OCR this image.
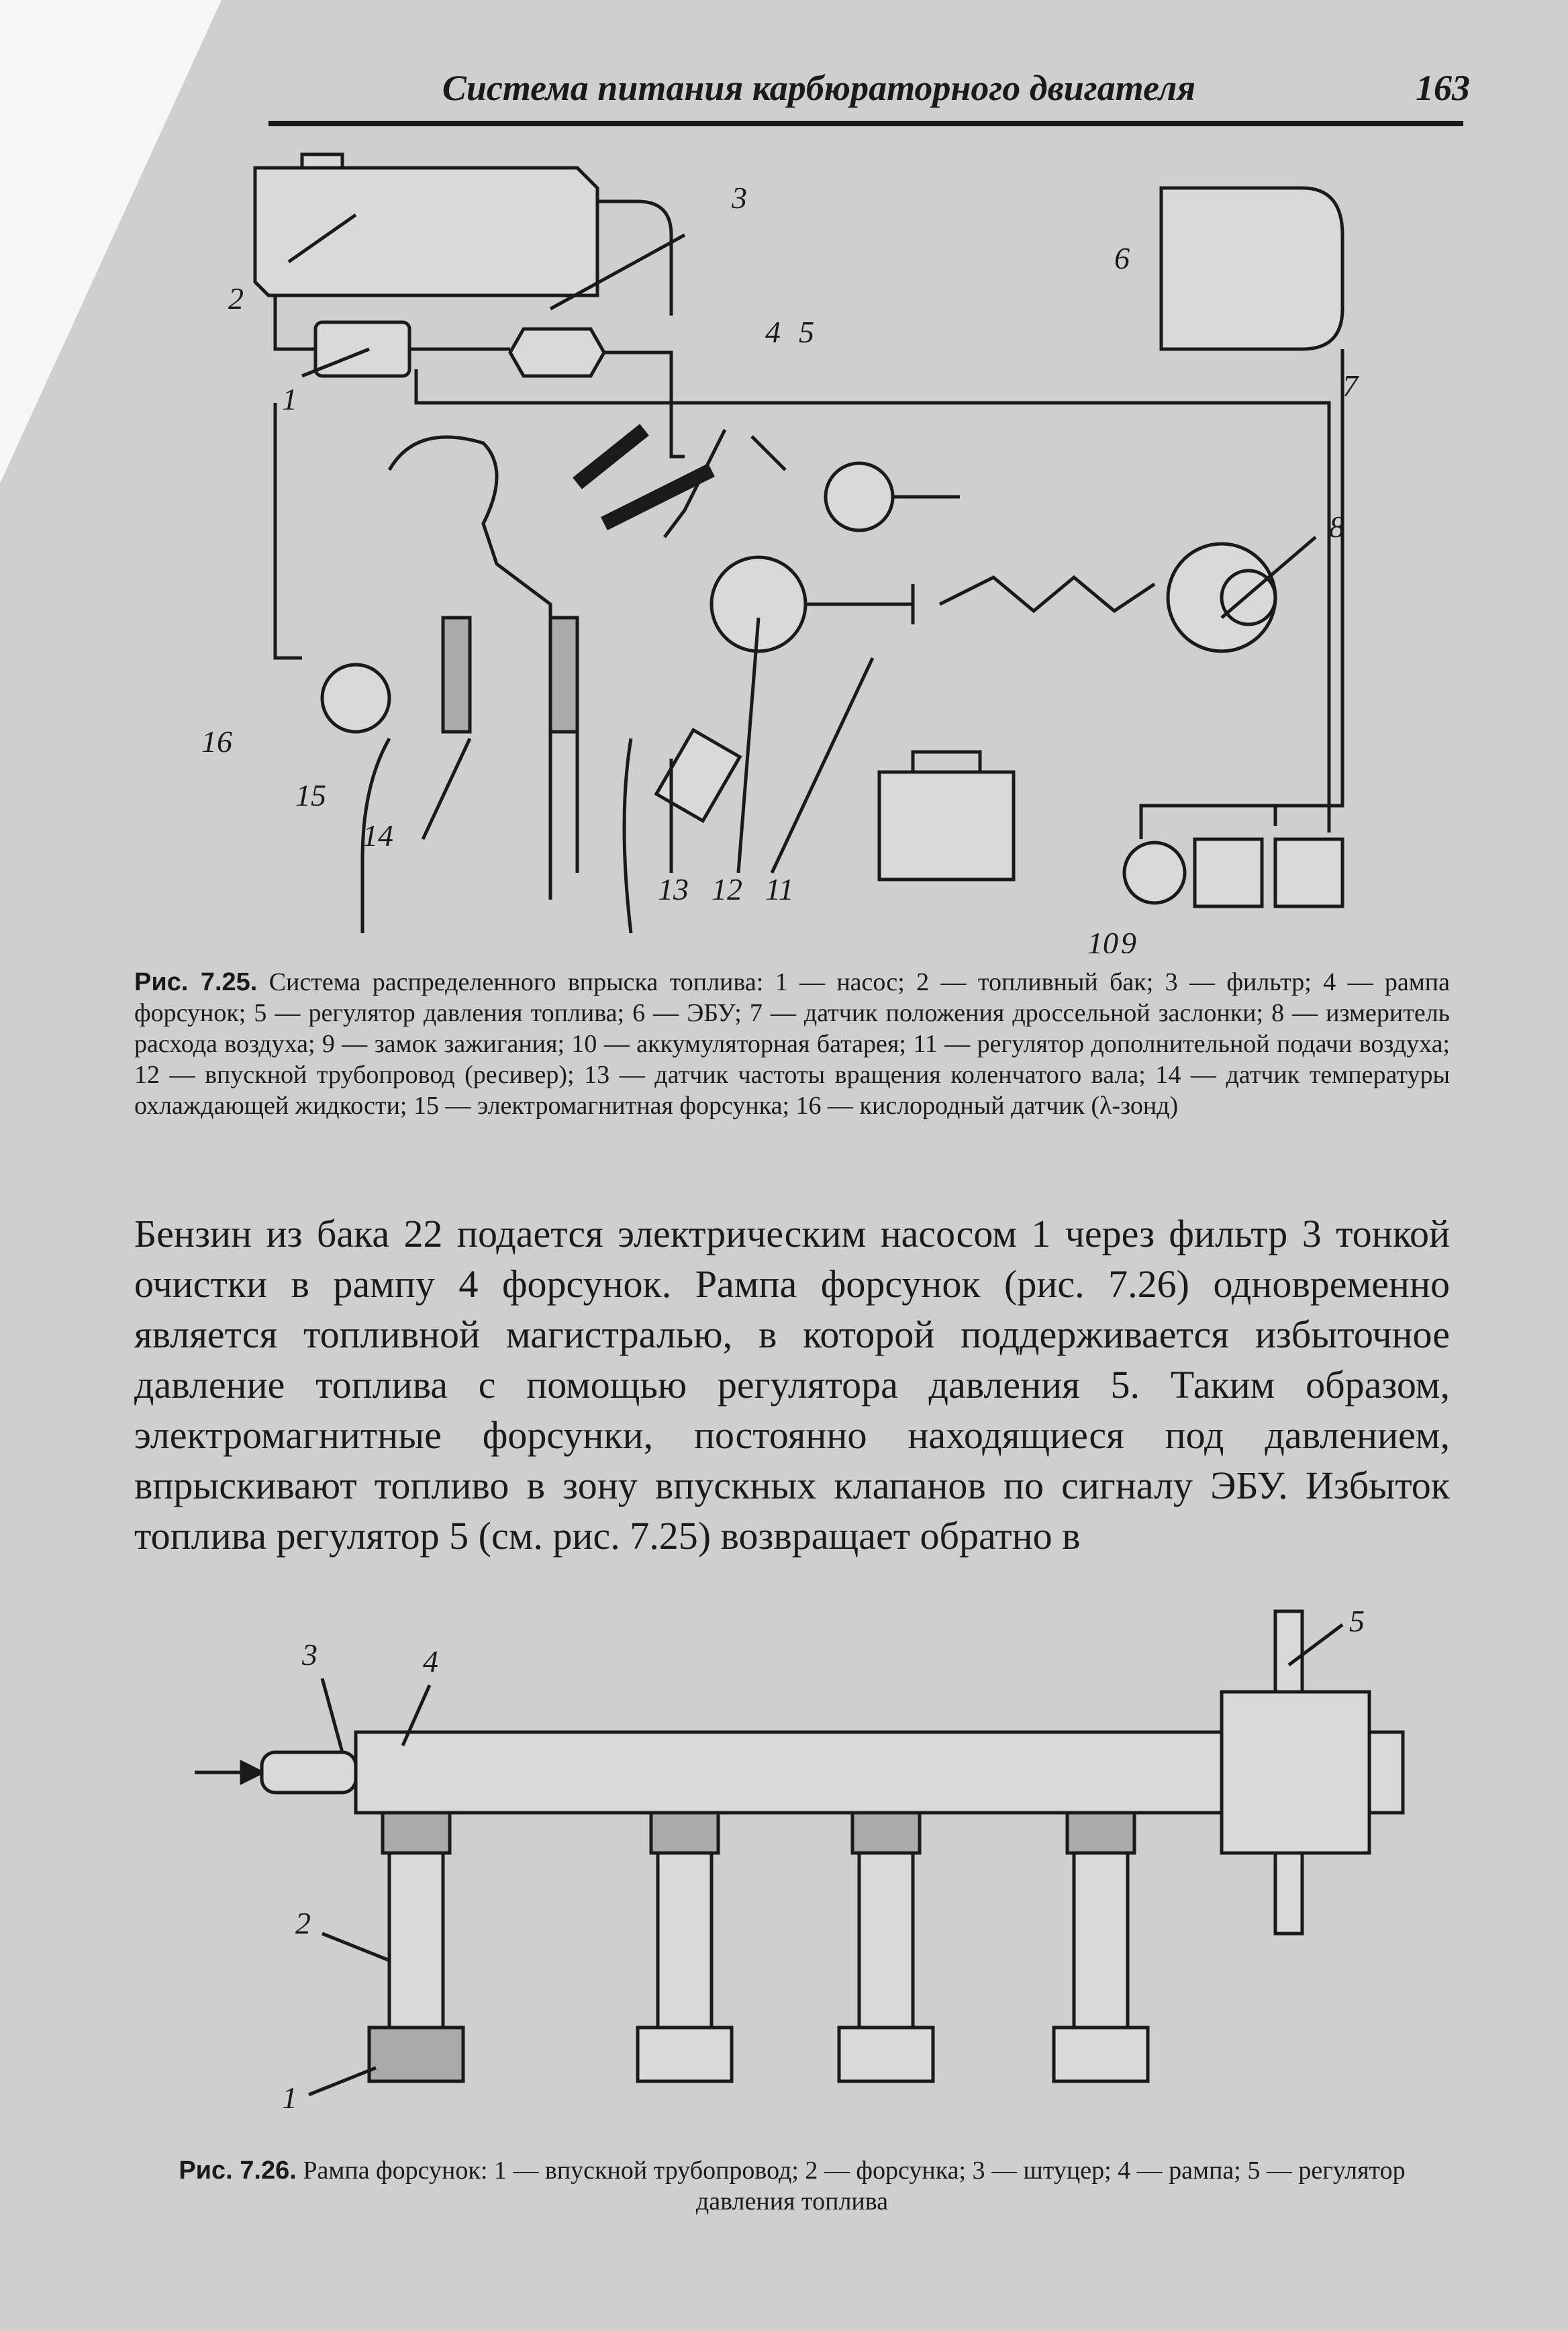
Система питания карбюраторного двигателя	163
1
2
3
4 5
6
7
8
9
10
11
12
13
14
15
16
Рис. 7.25. Система распределенного впрыска топлива: 1 — насос; 2 — топливный бак; 3 — фильтр; 4 — рампа форсунок; 5 — регулятор давления топлива; 6 — ЭБУ; 7 — датчик положения дроссельной заслонки; 8 — измеритель расхода воздуха; 9 — замок зажигания; 10 — аккумуляторная батарея; 11 — регулятор дополнительной подачи воздуха; 12 — впускной трубопровод (ресивер); 13 — датчик частоты вращения коленчатого вала; 14 — датчик температуры охлаждающей жидкости; 15 — электромагнитная форсунка; 16 — кислородный датчик (λ-зонд)
Бензин из бака 22 подается электрическим насосом 1 через фильтр 3 тонкой очистки в рампу 4 форсунок. Рампа форсунок (рис. 7.26) одновременно является топливной магистралью, в которой поддерживается избыточное давление топлива с помощью регулятора давления 5. Таким образом, электромагнитные форсунки, постоянно находящиеся под давлением, впрыскивают топливо в зону впускных клапанов по сигналу ЭБУ. Избыток топлива регулятор 5 (см. рис. 7.25) возвращает обратно в
3	4
5
2
1
Рис. 7.26. Рампа форсунок: 1 — впускной трубопровод; 2 — форсунка; 3 — штуцер; 4 — рампа; 5 — регулятор давления топлива
